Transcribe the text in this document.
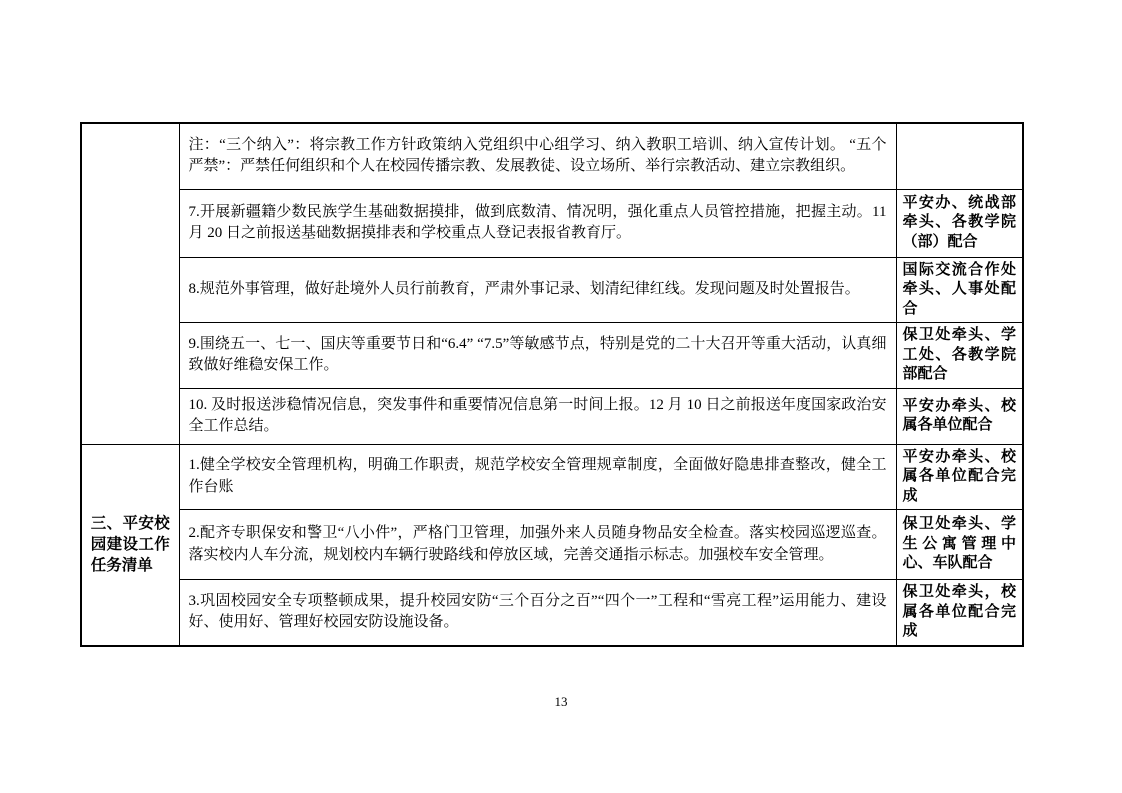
	注：“三个纳入”：将宗教工作方针政策纳入党组织中心组学习、纳入教职工培训、纳入宣传计划。 “五个严禁”：严禁任何组织和个人在校园传播宗教、发展教徒、设立场所、举行宗教活动、建立宗教组织。	

	7.开展新疆籍少数民族学生基础数据摸排，做到底数清、情况明，强化重点人员管控措施，把握主动。11 月 20 日之前报送基础数据摸排表和学校重点人登记表报省教育厅。	平安办、统战部牵头、各教学院（部）配合

	8.规范外事管理，做好赴境外人员行前教育，严肃外事记录、划清纪律红线。发现问题及时处置报告。	国际交流合作处牵头、人事处配合

	9.围绕五一、七一、国庆等重要节日和“6.4” “7.5”等敏感节点，特别是党的二十大召开等重大活动，认真细致做好维稳安保工作。	保卫处牵头、学工处、各教学院部配合

	10. 及时报送涉稳情况信息，突发事件和重要情况信息第一时间上报。12 月 10 日之前报送年度国家政治安全工作总结。	平安办牵头、校属各单位配合

三、平安校园建设工作任务清单	1.健全学校安全管理机构，明确工作职责，规范学校安全管理规章制度，全面做好隐患排查整改，健全工作台账	平安办牵头、校属各单位配合完成

	2.配齐专职保安和警卫“八小件”，严格门卫管理，加强外来人员随身物品安全检查。落实校园巡逻巡查。落实校内人车分流，规划校内车辆行驶路线和停放区域，完善交通指示标志。加强校车安全管理。	保卫处牵头、学生公寓管理中心、车队配合

	3.巩固校园安全专项整顿成果，提升校园安防“三个百分之百”“四个一”工程和“雪亮工程”运用能力、建设好、使用好、管理好校园安防设施设备。	保卫处牵头，校属各单位配合完成
13
